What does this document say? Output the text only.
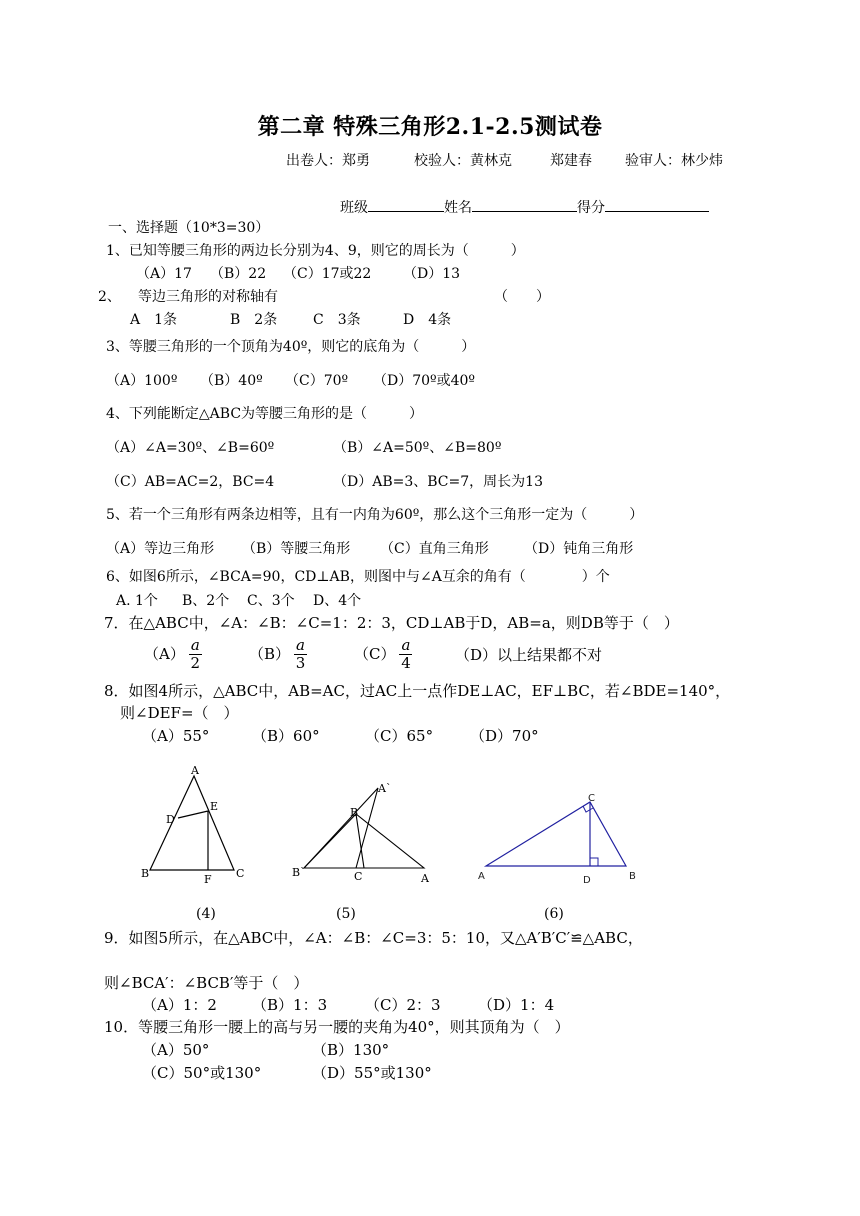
第二章 特殊三角形2.1-2.5测试卷
出卷人：郑勇	校验人：黄林克	郑建春 验审人：林少炜
班级	姓名	得分
一、选择题（10*3=30）
1、已知等腰三角形的两边长分别为4、9，则它的周长为（　　　）
（A）17 （B）22 （C）17或22 （D）13
2、 等边三角形的对称轴有	（　　）
A　1条	B　2条	C　3条	D　4条
3、等腰三角形的一个顶角为40º，则它的底角为（　　　）
（A）100º （B）40º （C）70º （D）70º或40º
4、下列能断定△ABC为等腰三角形的是（　　　）
（A）∠A=30º、∠B=60º	（B）∠A=50º、∠B=80º
（C）AB=AC=2，BC=4	（D）AB=3、BC=7，周长为13
5、若一个三角形有两条边相等，且有一内角为60º，那么这个三角形一定为（　　　）
（A）等边三角形 （B）等腰三角形 （C）直角三角形	（D）钝角三角形
6、如图6所示，∠BCA=90，CD⊥AB，则图中与∠A互余的角有（　　　　）个
A. 1个 B、2个 C、3个 D、4个
7．在△ABC中，∠A：∠B：∠C=1：2：3，CD⊥AB于D，AB=a，则DB等于（　）
$(A) \frac{a}{2}$	$(B) \frac{a}{3}$	$(C) \frac{a}{4}$	（D）以上结果都不对
8．如图4所示，△ABC中，AB=AC，过AC上一点作DE⊥AC，EF⊥BC，若∠BDE=140°，
则∠DEF=（　）
（A）55°	（B）60°	（C）65° （D）70°
A
B	C
D
E
F
A`
B
B`	C	A
C
A	D	B
(4)	(5)	(6)
9．如图5所示，在△ABC中，∠A：∠B：∠C=3：5：10，又△A′B′C′≌△ABC，
则∠BCA′：∠BCB′等于（　）
（A）1：2 （B）1：3	（C）2：3 （D）1：4
10．等腰三角形一腰上的高与另一腰的夹角为40°，则其顶角为（　）
（A）50°	（B）130°
（C）50°或130°	（D）55°或130°
